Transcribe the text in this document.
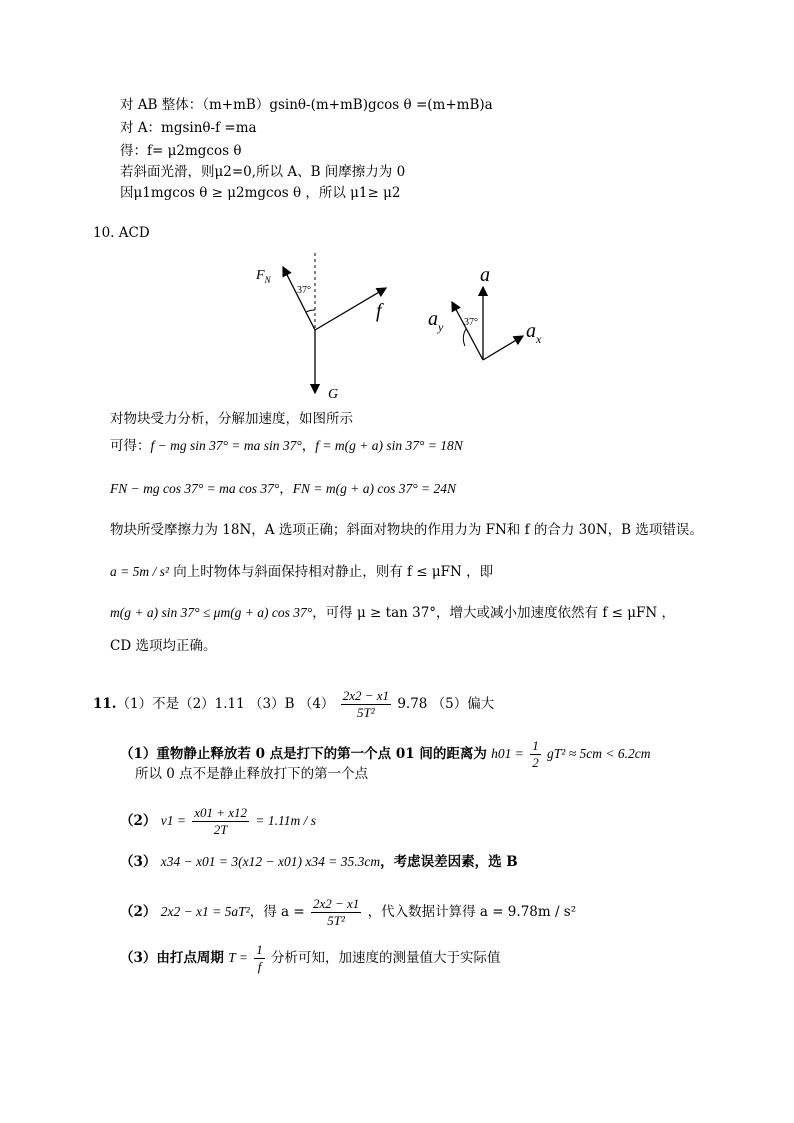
对 AB 整体：（m+mB）gsinθ-(m+mB)gcos θ =(m+mB)a
对 A：mgsinθ-f =ma
得：f= μ2mgcos θ
若斜面光滑，则μ2=0,所以 A、B 间摩擦力为 0
因μ1mgcos θ ≥ μ2mgcos θ ，所以 μ1≥ μ2
10. ACD
37°
$F_N$
f
G
37°
a
$a_y$	$a_x$
对物块受力分析，分解加速度，如图所示
可得：f − mg sin 37° = ma sin 37°，f = m(g + a) sin 37° = 18N
FN − mg cos 37° = ma cos 37°，FN = m(g + a) cos 37° = 24N
物块所受摩擦力为 18N，A 选项正确；斜面对物块的作用力为 FN和 f 的合力 30N，B 选项错误。
a = 5m / s² 向上时物体与斜面保持相对静止，则有 f ≤ μFN ，即
m(g + a) sin 37° ≤ μm(g + a) cos 37°，可得 μ ≥ tan 37°，增大或减小加速度依然有 f ≤ μFN ，
CD 选项均正确。
11.（1）不是（2）1.11 （3）B $(4) \frac{2x2 - x1}{\text{5T²}} 9.78$ （5）偏大
（1）重物静止释放若 0 点是打下的第一个点 01 间的距离为 $h01 = \frac{1}{2} gT^2 \approx 5cm < 6.2cm$
所以 0 点不是静止释放打下的第一个点
（2） $v1 = \frac{x01 + x12}{2T} = 1.11m / s$
（3） x34 − x01 = 3(x12 − x01) x34 = 35.3cm，考虑误差因素，选 B
（2） 2x2 − x1 = 5aT²，得 $a = \frac{2x2 - x1}{\text{5T²}}$ ，代入数据计算得 a = 9.78m / s²
（3）由打点周期 $T = \frac{1}{f}$ 分析可知，加速度的测量值大于实际值
